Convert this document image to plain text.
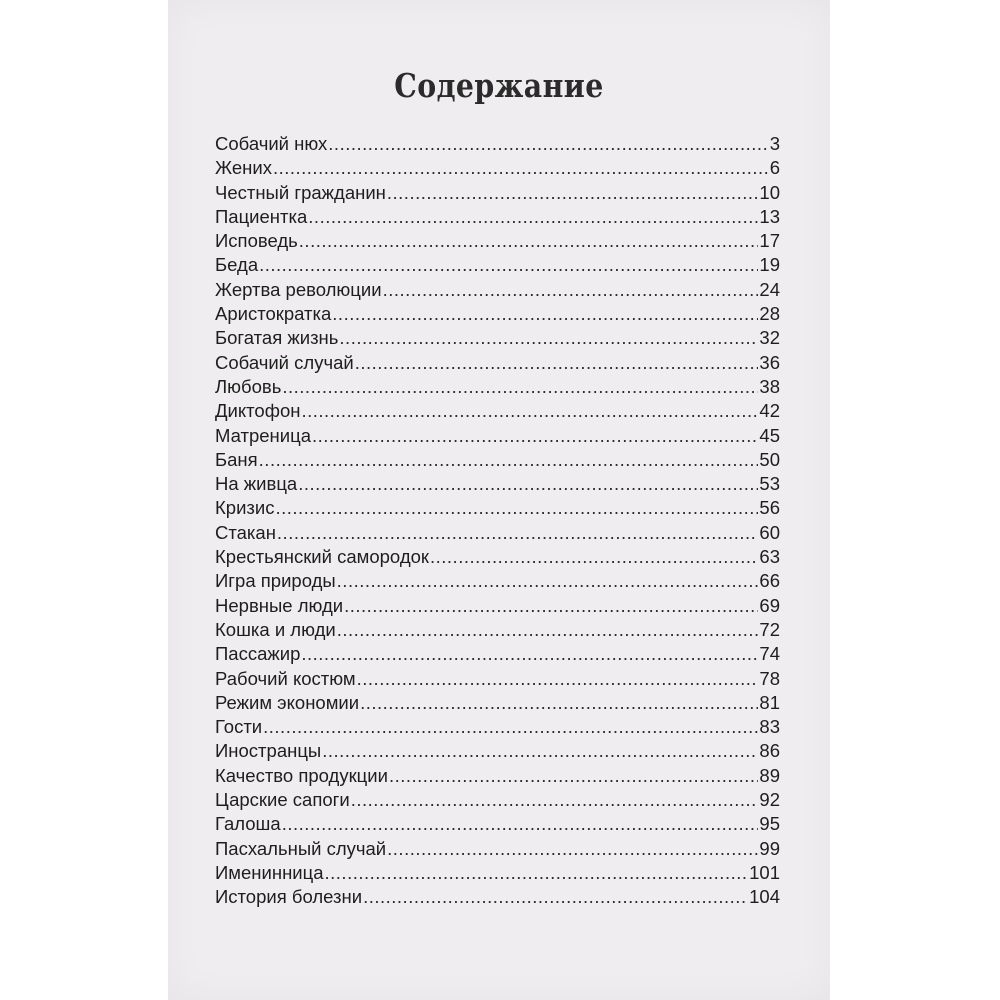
Содержание
Собачий нюх .....	3
Жених .....	6
Честный гражданин .....	10
Пациентка .....	13
Исповедь .....	17
Беда .....	19
Жертва революции .....	24
Аристократка .....	28
Богатая жизнь .....	32
Собачий случай .....	36
Любовь .....	38
Диктофон .....	42
Матреница .....	45
Баня .....	50
На живца .....	53
Кризис .....	56
Стакан .....	60
Крестьянский самородок .....	63
Игра природы .....	66
Нервные люди .....	69
Кошка и люди .....	72
Пассажир .....	74
Рабочий костюм .....	78
Режим экономии .....	81
Гости .....	83
Иностранцы .....	86
Качество продукции .....	89
Царские сапоги .....	92
Галоша .....	95
Пасхальный случай .....	99
Именинница .....	101
История болезни .....	104
